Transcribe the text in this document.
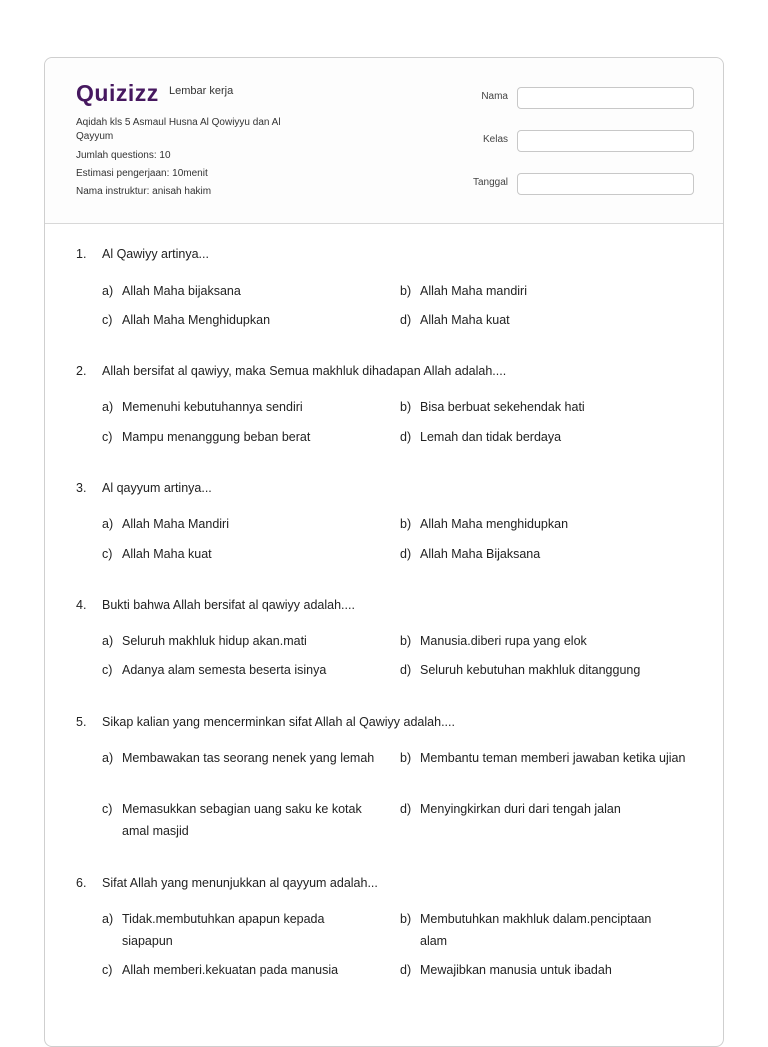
Quizizz Lembar kerja
Aqidah kls 5 Asmaul Husna Al Qowiyyu dan Al Qayyum
Jumlah questions: 10
Estimasi pengerjaan: 10menit
Nama instruktur: anisah hakim
Nama
Kelas
Tanggal
1. Al Qawiyy artinya...
a) Allah Maha bijaksana	b) Allah Maha mandiri
c) Allah Maha Menghidupkan	d) Allah Maha kuat
2. Allah bersifat al qawiyy, maka Semua makhluk dihadapan Allah adalah....
a) Memenuhi kebutuhannya sendiri	b) Bisa berbuat sekehendak hati
c) Mampu menanggung beban berat	d) Lemah dan tidak berdaya
3. Al qayyum artinya...
a) Allah Maha Mandiri	b) Allah Maha menghidupkan
c) Allah Maha kuat	d) Allah Maha Bijaksana
4. Bukti bahwa Allah bersifat al qawiyy adalah....
a) Seluruh makhluk hidup akan.mati	b) Manusia.diberi rupa yang elok
c) Adanya alam semesta beserta isinya	d) Seluruh kebutuhan makhluk ditanggung
5. Sikap kalian yang mencerminkan sifat Allah al Qawiyy adalah....
a) Membawakan tas seorang nenek yang lemah	b) Membantu teman memberi jawaban ketika ujian
c) Memasukkan sebagian uang saku ke kotak amal masjid
d) Menyingkirkan duri dari tengah jalan
6. Sifat Allah yang menunjukkan al qayyum adalah...
a) Tidak.membutuhkan apapun kepada siapapun
b) Membutuhkan makhluk dalam.penciptaan alam
c) Allah memberi.kekuatan pada manusia	d) Mewajibkan manusia untuk ibadah
